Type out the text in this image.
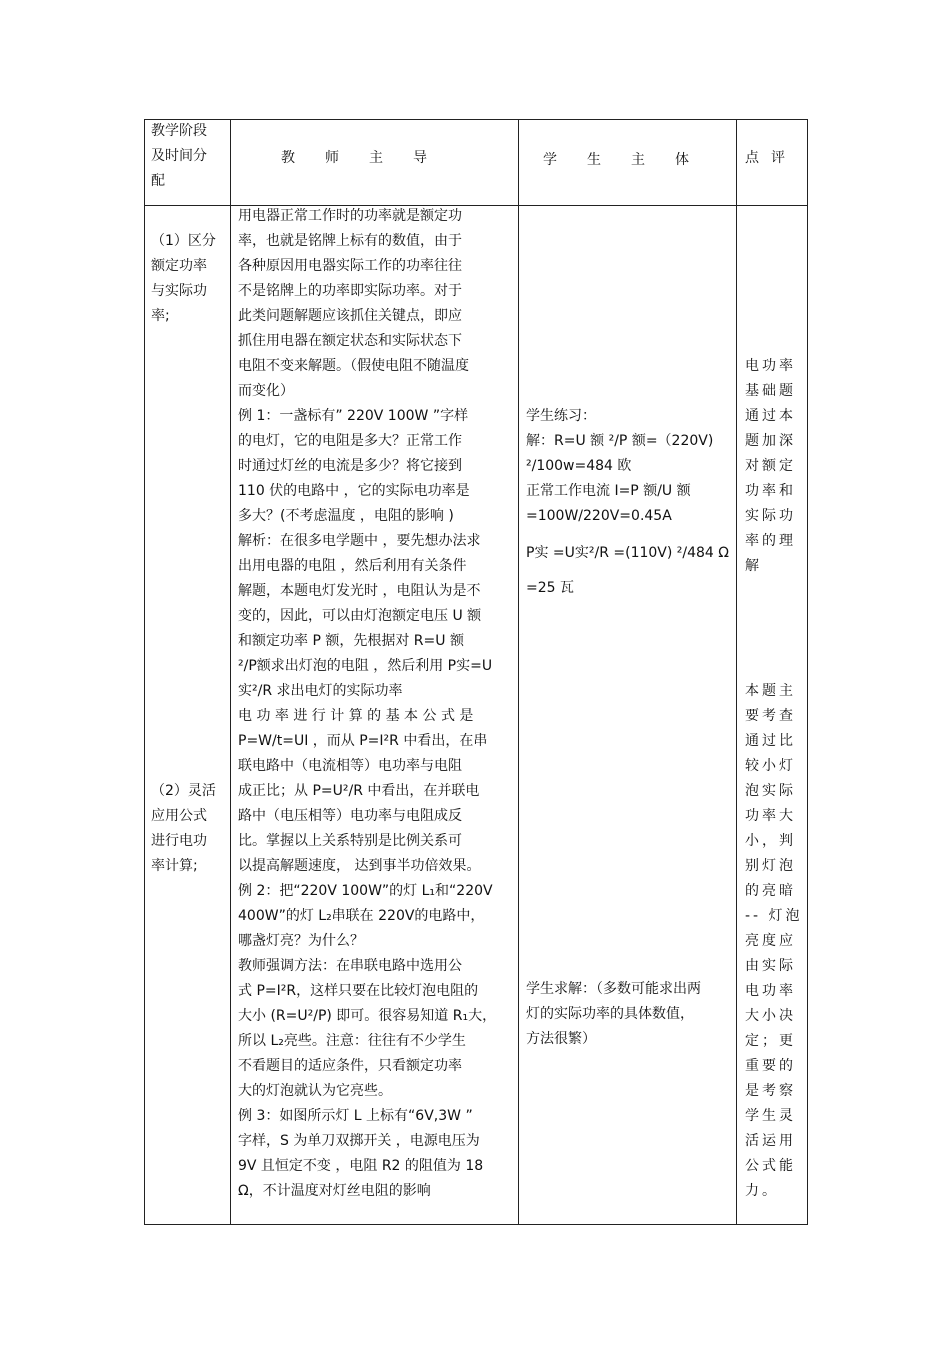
教学阶段
及时间分
配
教师主导	学生主体 点评
（1）区分
额定功率
与实际功
率;
（2）灵活
应用公式
进行电功
率计算;
用电器正常工作时的功率就是额定功
率，也就是铭牌上标有的数值，由于
各种原因用电器实际工作的功率往往
不是铭牌上的功率即实际功率。对于
此类问题解题应该抓住关键点，即应
抓住用电器在额定状态和实际状态下
电阻不变来解题。（假使电阻不随温度
而变化）
例 1：一盏标有” 220V 100W ”字样
的电灯，它的电阻是多大？正常工作
时通过灯丝的电流是多少？将它接到
110 伏的电路中 ，它的实际电功率是
多大？(不考虑温度 ，电阻的影响 )
解析：在很多电学题中 ，要先想办法求
出用电器的电阻 ，然后利用有关条件
解题，本题电灯发光时 ，电阻认为是不
变的，因此，可以由灯泡额定电压 U 额
和额定功率 P 额，先根据对 R=U 额
²/P额求出灯泡的电阻 ，然后利用 P实=U
实²/R 求出电灯的实际功率
电 功 率 进 行 计 算 的 基 本 公 式 是
P=W/t=UI ，而从 P=I²R 中看出，在串
联电路中（电流相等）电功率与电阻
成正比；从 P=U²/R 中看出，在并联电
路中（电压相等）电功率与电阻成反
比。掌握以上关系特别是比例关系可
以提高解题速度， 达到事半功倍效果。
例 2：把“220V 100W”的灯 L₁和“220V
400W”的灯 L₂串联在 220V的电路中，
哪盏灯亮？为什么？
教师强调方法：在串联电路中选用公
式 P=I²R，这样只要在比较灯泡电阻的
大小 (R=U²/P) 即可。很容易知道 R₁大，
所以 L₂亮些。注意：往往有不少学生
不看题目的适应条件，只看额定功率
大的灯泡就认为它亮些。
例 3：如图所示灯 L 上标有“6V,3W ”
字样，S 为单刀双掷开关 ，电源电压为
9V 且恒定不变 ，电阻 R2 的阻值为 18
Ω，不计温度对灯丝电阻的影响
学生练习：
解：R=U 额 ²/P 额=（220V)
²/100w=484 欧
正常工作电流 I=P 额/U 额
=100W/220V=0.45A
P实 =U实²/R =(110V) ²/484 Ω
=25 瓦
学生求解：（多数可能求出两
灯的实际功率的具体数值，
方法很繁）
电功率
基础题
通过本
题加深
对额定
功率和
实际功
率的理
解
本题主
要考查
通过比
较小灯
泡实际
功率大
小，判
别灯泡
的亮暗
-- 灯泡
亮度应
由实际
电功率
大小决
定；更
重要的
是考察
学生灵
活运用
公式能
力。
